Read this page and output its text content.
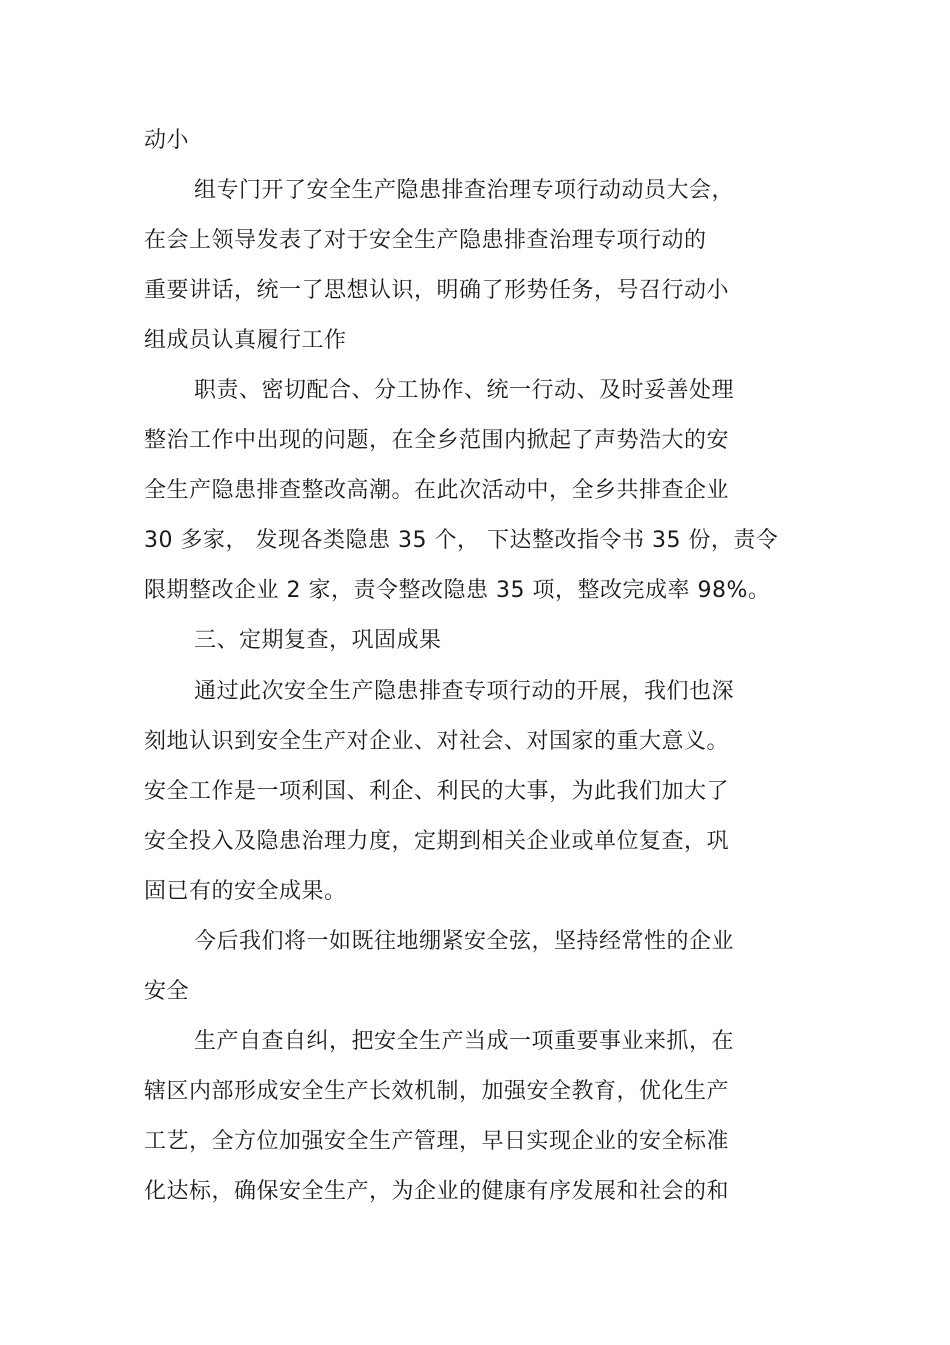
动小
组专门开了安全生产隐患排查治理专项行动动员大会，
在会上领导发表了对于安全生产隐患排查治理专项行动的
重要讲话，统一了思想认识，明确了形势任务，号召行动小
组成员认真履行工作
职责、密切配合、分工协作、统一行动、及时妥善处理
整治工作中出现的问题，在全乡范围内掀起了声势浩大的安
全生产隐患排查整改高潮。在此次活动中，全乡共排查企业
30 多家， 发现各类隐患 35 个， 下达整改指令书 35 份，责令
限期整改企业 2 家，责令整改隐患 35 项，整改完成率 98%。
三、定期复查，巩固成果
通过此次安全生产隐患排查专项行动的开展，我们也深
刻地认识到安全生产对企业、对社会、对国家的重大意义。
安全工作是一项利国、利企、利民的大事，为此我们加大了
安全投入及隐患治理力度，定期到相关企业或单位复查，巩
固已有的安全成果。
今后我们将一如既往地绷紧安全弦，坚持经常性的企业
安全
生产自查自纠，把安全生产当成一项重要事业来抓，在
辖区内部形成安全生产长效机制，加强安全教育，优化生产
工艺，全方位加强安全生产管理，早日实现企业的安全标准
化达标，确保安全生产，为企业的健康有序发展和社会的和
